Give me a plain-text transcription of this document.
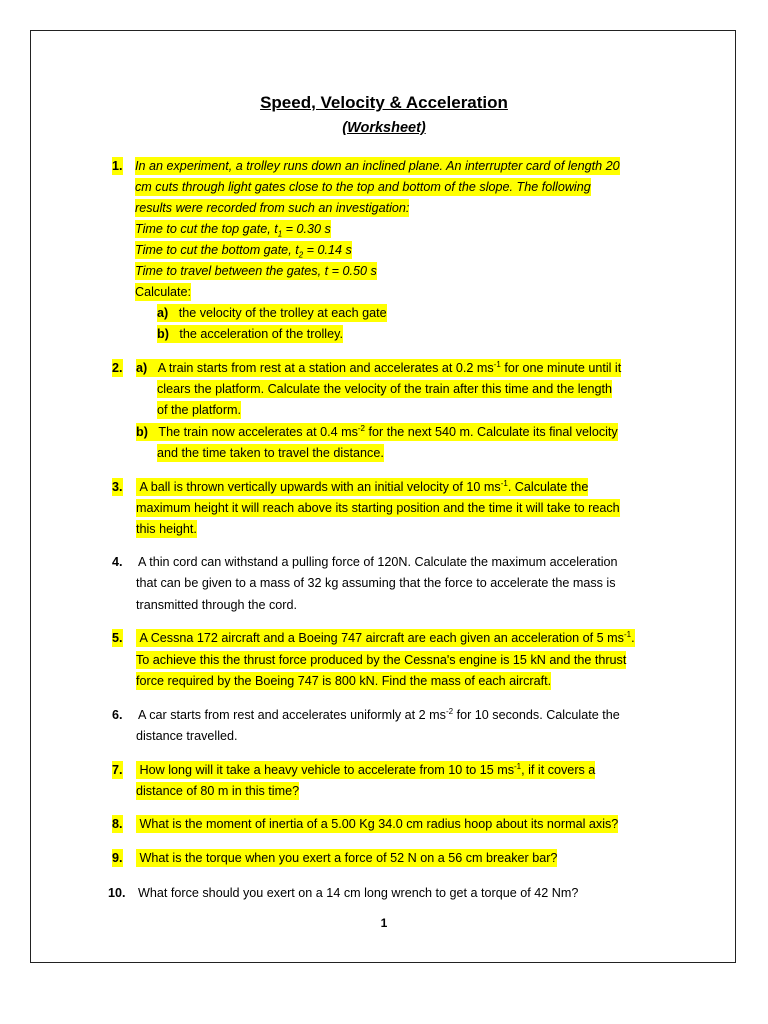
Speed, Velocity & Acceleration
(Worksheet)
1. In an experiment, a trolley runs down an inclined plane. An interrupter card of length 20
cm cuts through light gates close to the top and bottom of the slope. The following
results were recorded from such an investigation:
Time to cut the top gate, $t_1 = 0.30$ s
Time to cut the bottom gate, $t_2 = 0.14$ s
Time to travel between the gates, t = 0.50 s
Calculate:
a) the velocity of the trolley at each gate
b) the acceleration of the trolley.
2. a) A train starts from rest at a station and accelerates at 0.2 $ms^{-1}$ for one minute until it
clears the platform. Calculate the velocity of the train after this time and the length
of the platform.
b) The train now accelerates at 0.4 $ms^{-2}$ for the next 540 m. Calculate its final velocity
and the time taken to travel the distance.
3. A ball is thrown vertically upwards with an initial velocity of 10 $ms^{-1}$. Calculate the
maximum height it will reach above its starting position and the time it will take to reach
this height.
4. A thin cord can withstand a pulling force of 120N. Calculate the maximum acceleration
that can be given to a mass of 32 kg assuming that the force to accelerate the mass is
transmitted through the cord.
5. A Cessna 172 aircraft and a Boeing 747 aircraft are each given an acceleration of 5 $ms^{-1}$.
To achieve this the thrust force produced by the Cessna's engine is 15 kN and the thrust
force required by the Boeing 747 is 800 kN. Find the mass of each aircraft.
6. A car starts from rest and accelerates uniformly at 2 $ms^{-2}$ for 10 seconds. Calculate the
distance travelled.
7. How long will it take a heavy vehicle to accelerate from 10 to 15 $ms^{-1}$, if it covers a
distance of 80 m in this time?
8. What is the moment of inertia of a 5.00 Kg 34.0 cm radius hoop about its normal axis?
9. What is the torque when you exert a force of 52 N on a 56 cm breaker bar?
10. What force should you exert on a 14 cm long wrench to get a torque of 42 Nm?
1
